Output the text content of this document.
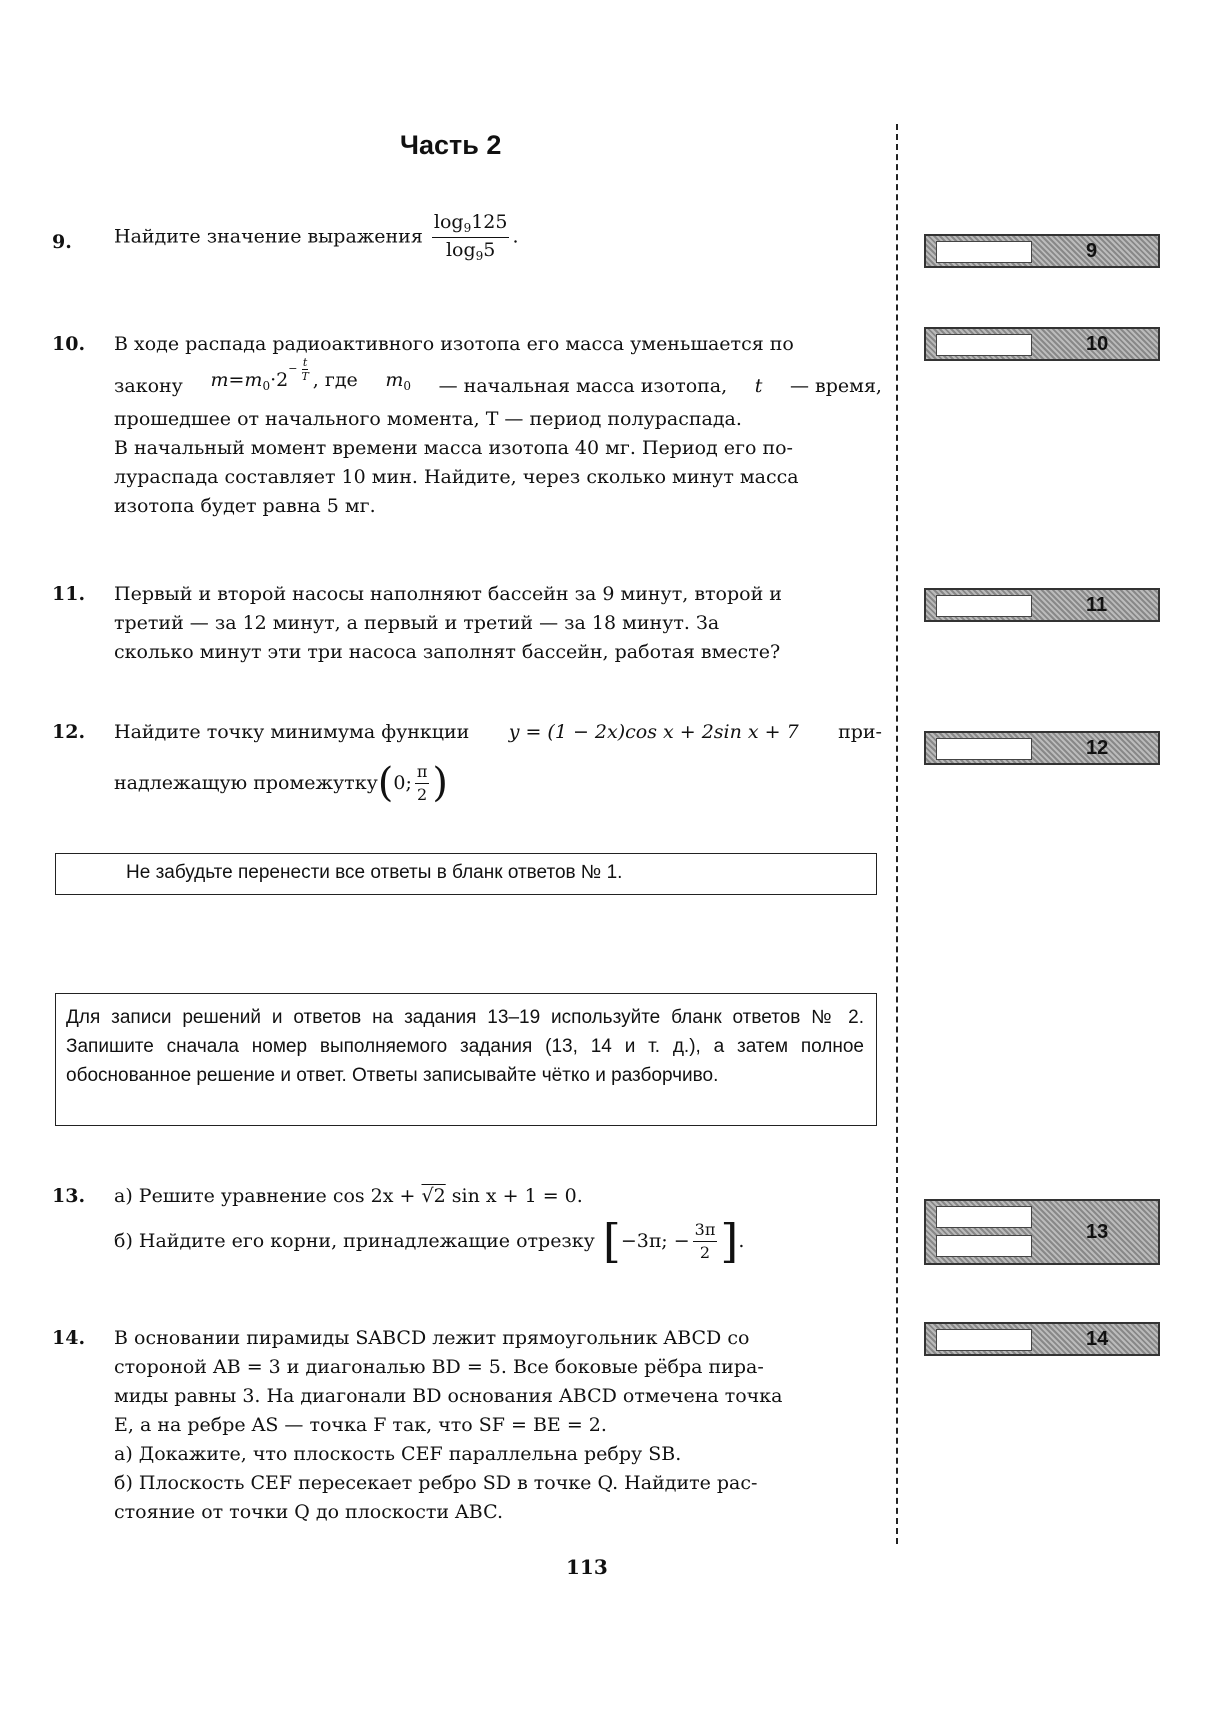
Часть 2
9. Найдите значение выражения $\frac{\log_9125}{\log_95}$ .
10. В ходе распада радиоактивного изотопа его масса уменьшается по
закону $m=m_0\cdot 2^{- \frac{t}{T}}$ , где $m_0$ — начальная масса изотопа, t — время,
прошедшее от начального момента, T — период полураспада.
В начальный момент времени масса изотопа 40 мг. Период его по-
лураспада составляет 10 мин. Найдите, через сколько минут масса
изотопа будет равна 5 мг.
11. Первый и второй насосы наполняют бассейн за 9 минут, второй и
третий — за 12 минут, а первый и третий — за 18 минут. За
сколько минут эти три насоса заполнят бассейн, работая вместе?
12. Найдите точку минимума функции y = (1 − 2x)cos x + 2sin x + 7 при-
надлежащую промежутку ( 0; $\frac{\pi}{2}$ )
Не забудьте перенести все ответы в бланк ответов № 1.
Для записи решений и ответов на задания 13–19 используйте бланк ответов № 2. Запишите сначала номер выполняемого задания (13, 14 и т. д.), а затем полное обоснованное решение и ответ. Ответы записывайте чётко и разборчиво.
13. а) Решите уравнение cos 2x + √2 sin x + 1 = 0.
б) Найдите его корни, принадлежащие отрезку [ −3π; − $\frac{3\pi}{2}$ ] .
14. В основании пирамиды SABCD лежит прямоугольник ABCD со
стороной AB = 3 и диагональю BD = 5. Все боковые рёбра пира-
миды равны 3. На диагонали BD основания ABCD отмечена точка
E, а на ребре AS — точка F так, что SF = BE = 2.
а) Докажите, что плоскость CEF параллельна ребру SB.
б) Плоскость CEF пересекает ребро SD в точке Q. Найдите рас-
стояние от точки Q до плоскости ABC.
9
10
11
12
13
14
113
